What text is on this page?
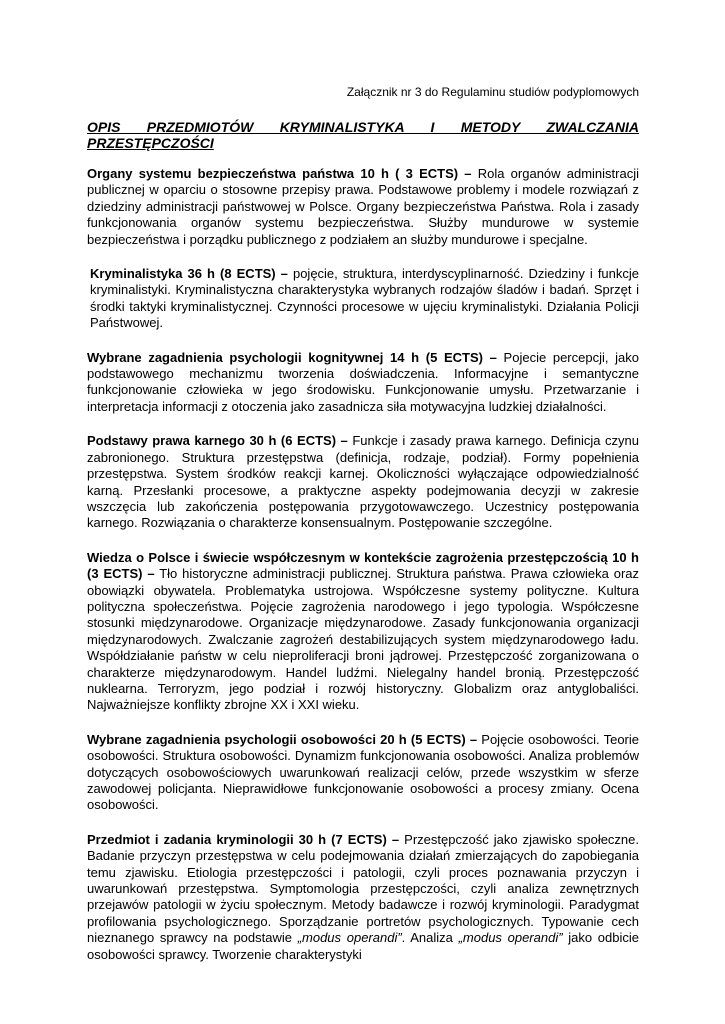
Załącznik nr 3 do Regulaminu studiów podyplomowych
OPIS PRZEDMIOTÓW KRYMINALISTYKA I METODY ZWALCZANIA PRZESTĘPCZOŚCI

Organy systemu bezpieczeństwa państwa 10 h ( 3 ECTS) – Rola organów administracji publicznej w oparciu o stosowne przepisy prawa. Podstawowe problemy i modele rozwiązań z dziedziny administracji państwowej w Polsce. Organy bezpieczeństwa Państwa. Rola i zasady funkcjonowania organów systemu bezpieczeństwa. Służby mundurowe w systemie bezpieczeństwa i porządku publicznego z podziałem an służby mundurowe i specjalne.

Kryminalistyka 36 h (8 ECTS) – pojęcie, struktura, interdyscyplinarność. Dziedziny i funkcje kryminalistyki. Kryminalistyczna charakterystyka wybranych rodzajów śladów i badań. Sprzęt i środki taktyki kryminalistycznej. Czynności procesowe w ujęciu kryminalistyki. Działania Policji Państwowej.

Wybrane zagadnienia psychologii kognitywnej 14 h (5 ECTS) – Pojecie percepcji, jako podstawowego mechanizmu tworzenia doświadczenia. Informacyjne i semantyczne funkcjonowanie człowieka w jego środowisku. Funkcjonowanie umysłu. Przetwarzanie i interpretacja informacji z otoczenia jako zasadnicza siła motywacyjna ludzkiej działalności.

Podstawy prawa karnego 30 h (6 ECTS) – Funkcje i zasady prawa karnego. Definicja czynu zabronionego. Struktura przestępstwa (definicja, rodzaje, podział). Formy popełnienia przestępstwa. System środków reakcji karnej. Okoliczności wyłączające odpowiedzialność karną. Przesłanki procesowe, a praktyczne aspekty podejmowania decyzji w zakresie wszczęcia lub zakończenia postępowania przygotowawczego. Uczestnicy postępowania karnego. Rozwiązania o charakterze konsensualnym. Postępowanie szczególne.

Wiedza o Polsce i świecie współczesnym w kontekście zagrożenia przestępczością 10 h (3 ECTS) – Tło historyczne administracji publicznej. Struktura państwa. Prawa człowieka oraz obowiązki obywatela. Problematyka ustrojowa. Współczesne systemy polityczne. Kultura polityczna społeczeństwa. Pojęcie zagrożenia narodowego i jego typologia. Współczesne stosunki międzynarodowe. Organizacje międzynarodowe. Zasady funkcjonowania organizacji międzynarodowych. Zwalczanie zagrożeń destabilizujących system międzynarodowego ładu. Współdziałanie państw w celu nieproliferacji broni jądrowej. Przestępczość zorganizowana o charakterze międzynarodowym. Handel ludźmi. Nielegalny handel bronią. Przestępczość nuklearna. Terroryzm, jego podział i rozwój historyczny. Globalizm oraz antyglobaliści. Najważniejsze konflikty zbrojne XX i XXI wieku.

Wybrane zagadnienia psychologii osobowości 20 h (5 ECTS) – Pojęcie osobowości. Teorie osobowości. Struktura osobowości. Dynamizm funkcjonowania osobowości. Analiza problemów dotyczących osobowościowych uwarunkowań realizacji celów, przede wszystkim w sferze zawodowej policjanta. Nieprawidłowe funkcjonowanie osobowości a procesy zmiany. Ocena osobowości.

Przedmiot i zadania kryminologii 30 h (7 ECTS) – Przestępczość jako zjawisko społeczne. Badanie przyczyn przestępstwa w celu podejmowania działań zmierzających do zapobiegania temu zjawisku. Etiologia przestępczości i patologii, czyli proces poznawania przyczyn i uwarunkowań przestępstwa. Symptomologia przestępczości, czyli analiza zewnętrznych przejawów patologii w życiu społecznym. Metody badawcze i rozwój kryminologii. Paradygmat profilowania psychologicznego. Sporządzanie portretów psychologicznych. Typowanie cech nieznanego sprawcy na podstawie „modus operandi”. Analiza „modus operandi” jako odbicie osobowości sprawcy. Tworzenie charakterystyki
